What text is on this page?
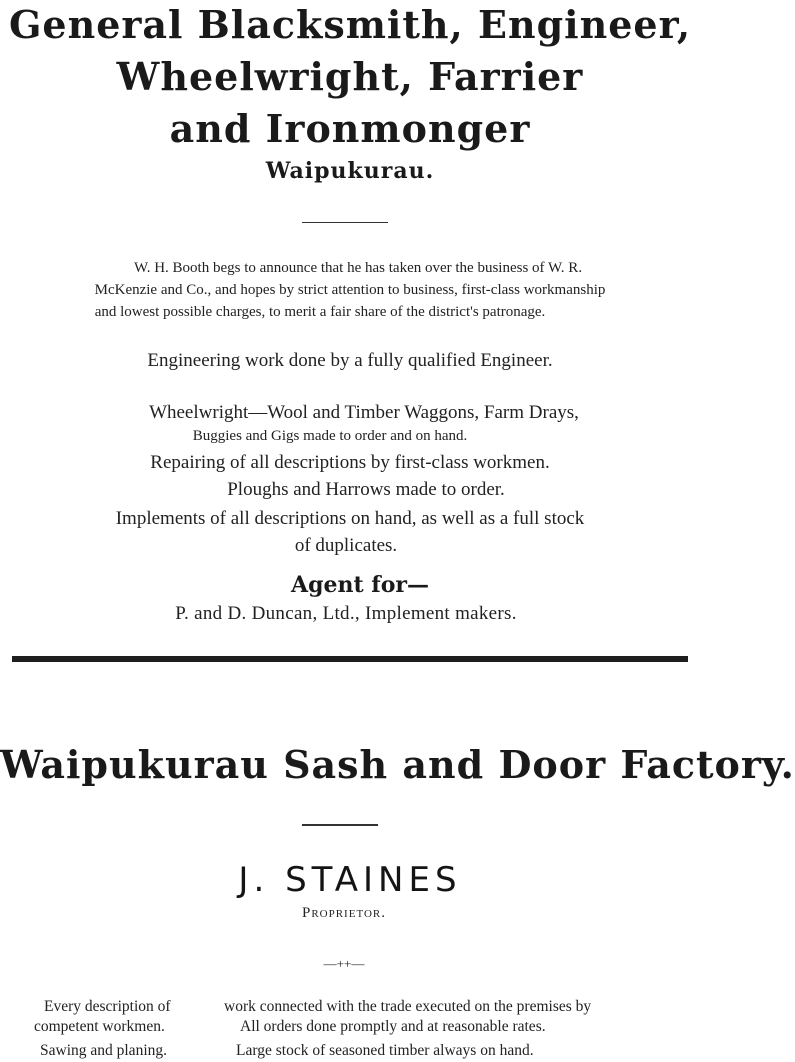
General Blacksmith, Engineer,
Wheelwright, Farrier
and Ironmonger
Waipukurau.
W. H. Booth begs to announce that he has taken over the business of W. R.
McKenzie and Co., and hopes by strict attention to business, first-class workmanship
and lowest possible charges, to merit a fair share of the district's patronage.
Engineering work done by a fully qualified Engineer.
Wheelwright—Wool and Timber Waggons, Farm Drays,
Buggies and Gigs made to order and on hand.
Repairing of all descriptions by first-class workmen.
Ploughs and Harrows made to order.
Implements of all descriptions on hand, as well as a full stock
of duplicates.
Agent for—
P. and D. Duncan, Ltd., Implement makers.
Waipukurau Sash and Door Factory.
J. STAINES
Proprietor.
—++—
Every description of	work connected with the trade executed on the premises by
competent workmen.	All orders done promptly and at reasonable rates.
Sawing and planing.	Large stock of seasoned timber always on hand.
